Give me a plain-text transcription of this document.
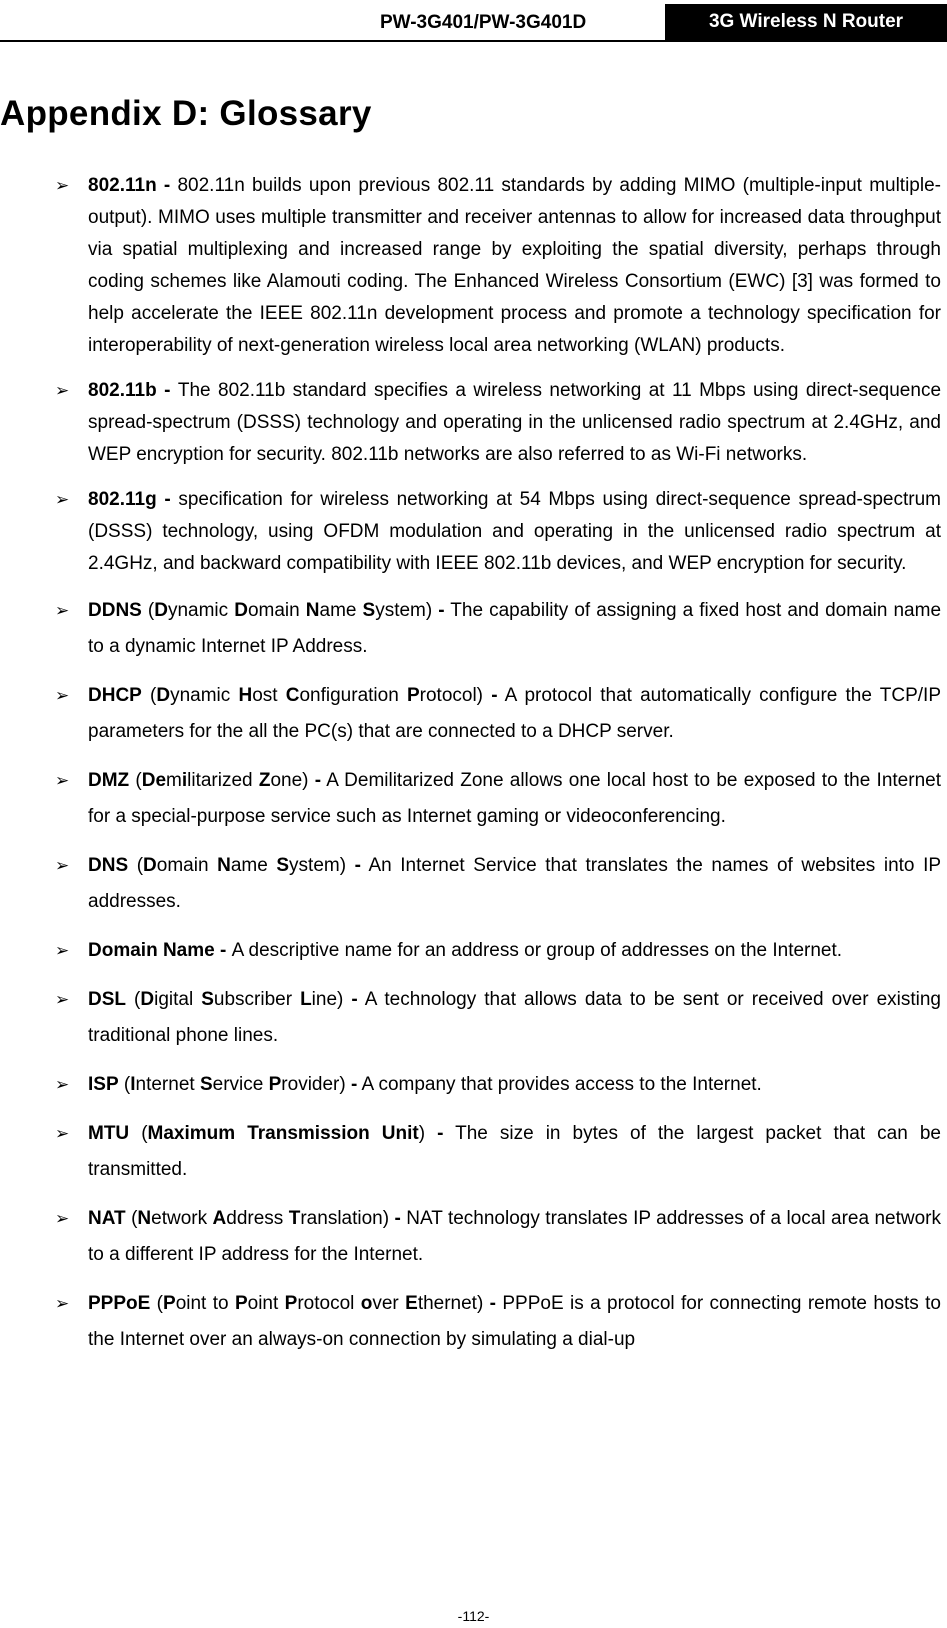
PW-3G401/PW-3G401D	3G Wireless N Router
Appendix D: Glossary
➢ 802.11n - 802.11n builds upon previous 802.11 standards by adding MIMO (multiple-input multiple-output). MIMO uses multiple transmitter and receiver antennas to allow for increased data throughput via spatial multiplexing and increased range by exploiting the spatial diversity, perhaps through coding schemes like Alamouti coding. The Enhanced Wireless Consortium (EWC) [3] was formed to help accelerate the IEEE 802.11n development process and promote a technology specification for interoperability of next-generation wireless local area networking (WLAN) products.

➢ 802.11b - The 802.11b standard specifies a wireless networking at 11 Mbps using direct-sequence spread-spectrum (DSSS) technology and operating in the unlicensed radio spectrum at 2.4GHz, and WEP encryption for security. 802.11b networks are also referred to as Wi-Fi networks.

➢ 802.11g - specification for wireless networking at 54 Mbps using direct-sequence spread-spectrum (DSSS) technology, using OFDM modulation and operating in the unlicensed radio spectrum at 2.4GHz, and backward compatibility with IEEE 802.11b devices, and WEP encryption for security.

➢ DDNS (Dynamic Domain Name System) - The capability of assigning a fixed host and domain name to a dynamic Internet IP Address.

➢ DHCP (Dynamic Host Configuration Protocol) - A protocol that automatically configure the TCP/IP parameters for the all the PC(s) that are connected to a DHCP server.

➢ DMZ (Demilitarized Zone) - A Demilitarized Zone allows one local host to be exposed to the Internet for a special-purpose service such as Internet gaming or videoconferencing.

➢ DNS (Domain Name System) - An Internet Service that translates the names of websites into IP addresses.

➢ Domain Name - A descriptive name for an address or group of addresses on the Internet.

➢ DSL (Digital Subscriber Line) - A technology that allows data to be sent or received over existing traditional phone lines.

➢ ISP (Internet Service Provider) - A company that provides access to the Internet.

➢ MTU (Maximum Transmission Unit) - The size in bytes of the largest packet that can be transmitted.

➢ NAT (Network Address Translation) - NAT technology translates IP addresses of a local area network to a different IP address for the Internet.

➢ PPPoE (Point to Point Protocol over Ethernet) - PPPoE is a protocol for connecting remote hosts to the Internet over an always-on connection by simulating a dial-up

-112-
